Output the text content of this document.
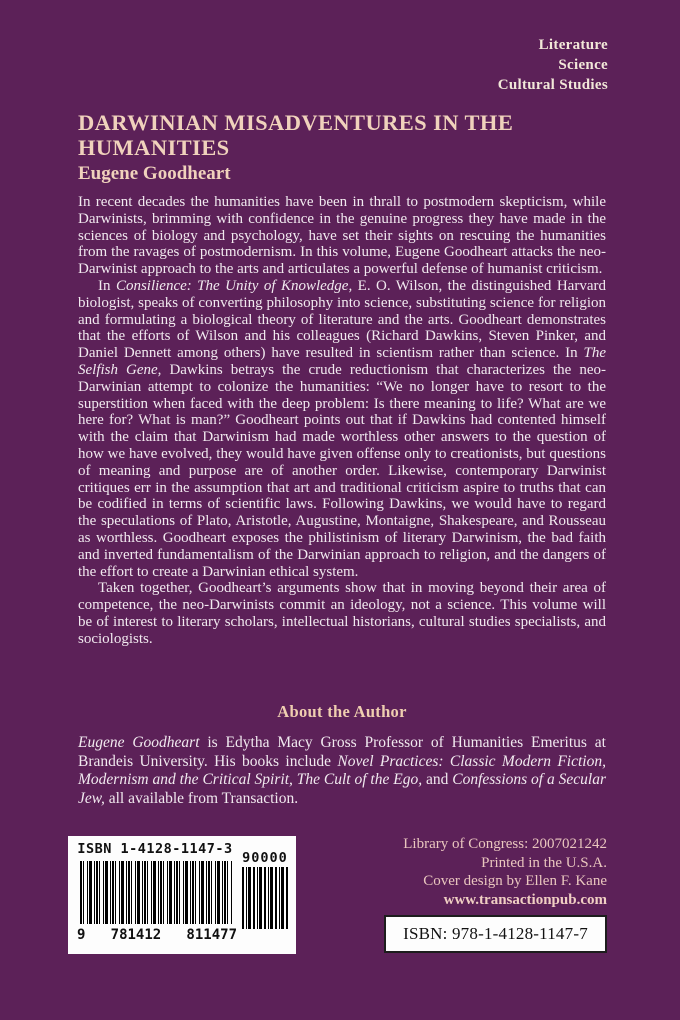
Literature
Science
Cultural Studies
DARWINIAN MISADVENTURES IN THE
HUMANITIES
Eugene Goodheart

In recent decades the humanities have been in thrall to postmodern skepticism, while Darwinists, brimming with confidence in the genuine progress they have made in the sciences of biology and psychology, have set their sights on rescuing the humanities from the ravages of postmodernism. In this volume, Eugene Goodheart attacks the neo-Darwinist approach to the arts and articulates a powerful defense of humanist criticism.

In Consilience: The Unity of Knowledge, E. O. Wilson, the distinguished Harvard biologist, speaks of converting philosophy into science, substituting science for religion and formulating a biological theory of literature and the arts. Goodheart demonstrates that the efforts of Wilson and his colleagues (Richard Dawkins, Steven Pinker, and Daniel Dennett among others) have resulted in scientism rather than science. In The Selfish Gene, Dawkins betrays the crude reductionism that characterizes the neo-Darwinian attempt to colonize the humanities: “We no longer have to resort to the superstition when faced with the deep problem: Is there meaning to life? What are we here for? What is man?” Goodheart points out that if Dawkins had contented himself with the claim that Darwinism had made worthless other answers to the question of how we have evolved, they would have given offense only to creationists, but questions of meaning and purpose are of another order. Likewise, contemporary Darwinist critiques err in the assumption that art and traditional criticism aspire to truths that can be codified in terms of scientific laws. Following Dawkins, we would have to regard the speculations of Plato, Aristotle, Augustine, Montaigne, Shakespeare, and Rousseau as worthless. Goodheart exposes the philistinism of literary Darwinism, the bad faith and inverted fundamentalism of the Darwinian approach to religion, and the dangers of the effort to create a Darwinian ethical system.

Taken together, Goodheart’s arguments show that in moving beyond their area of competence, the neo-Darwinists commit an ideology, not a science. This volume will be of interest to literary scholars, intellectual historians, cultural studies specialists, and sociologists.

About the Author
Eugene Goodheart is Edytha Macy Gross Professor of Humanities Emeritus at Brandeis University. His books include Novel Practices: Classic Modern Fiction, Modernism and the Critical Spirit, The Cult of the Ego, and Confessions of a Secular Jew, all available from Transaction.
ISBN 1-4128-1147-3
90000
9 781412 811477
Library of Congress: 2007021242
Printed in the U.S.A.
Cover design by Ellen F. Kane
www.transactionpub.com
ISBN: 978-1-4128-1147-7
